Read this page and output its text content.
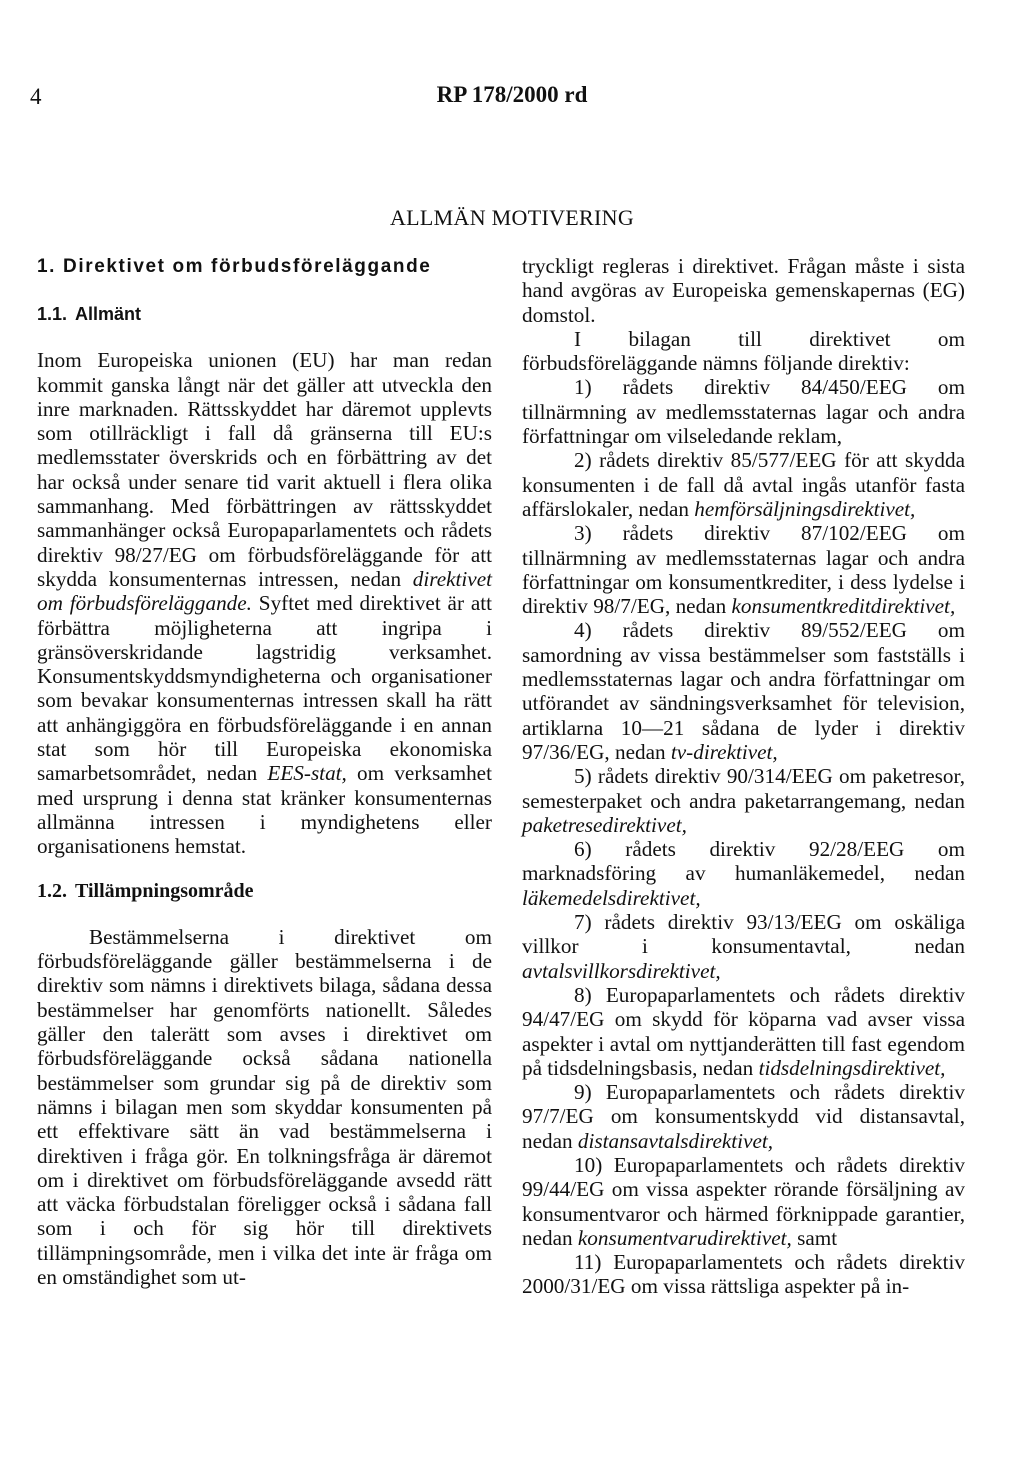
4	RP 178/2000 rd
ALLMÄN MOTIVERING
1. Direktivet om förbudsföreläggande
1.1. Allmänt

Inom Europeiska unionen (EU) har man redan kommit ganska långt när det gäller att utveckla den inre marknaden. Rättsskyddet har däremot upplevts som otillräckligt i fall då gränserna till EU:s medlemsstater överskrids och en förbättring av det har också under senare tid varit aktuell i flera olika sammanhang. Med förbättringen av rättsskyddet sammanhänger också Europaparlamentets och rådets direktiv 98/27/EG om förbudsföreläggande för att skydda konsumenternas intressen, nedan direktivet om förbudsföreläggande. Syftet med direktivet är att förbättra möjligheterna att ingripa i gränsöverskridande lagstridig verksamhet. Konsumentskyddsmyndigheterna och organisationer som bevakar konsumenternas intressen skall ha rätt att anhängiggöra en förbudsföreläggande i en annan stat som hör till Europeiska ekonomiska samarbetsområdet, nedan EES-stat, om verksamhet med ursprung i denna stat kränker konsumenternas allmänna intressen i myndighetens eller organisationens hemstat.

1.2. Tillämpningsområde

Bestämmelserna i direktivet om förbudsföreläggande gäller bestämmelserna i de direktiv som nämns i direktivets bilaga, sådana dessa bestämmelser har genomförts nationellt. Således gäller den talerätt som avses i direktivet om förbudsföreläggande också sådana nationella bestämmelser som grundar sig på de direktiv som nämns i bilagan men som skyddar konsumenten på ett effektivare sätt än vad bestämmelserna i direktiven i fråga gör. En tolkningsfråga är däremot om i direktivet om förbudsföreläggande avsedd rätt att väcka förbudstalan föreligger också i sådana fall som i och för sig hör till direktivets tillämpningsområde, men i vilka det inte är fråga om en omständighet som ut-

tryckligt regleras i direktivet. Frågan måste i sista hand avgöras av Europeiska gemenskapernas (EG) domstol.

I bilagan till direktivet om förbudsföreläggande nämns följande direktiv:

1) rådets direktiv 84/450/EEG om tillnärmning av medlemsstaternas lagar och andra författningar om vilseledande reklam,

2) rådets direktiv 85/577/EEG för att skydda konsumenten i de fall då avtal ingås utanför fasta affärslokaler, nedan hemförsäljningsdirektivet,

3) rådets direktiv 87/102/EEG om tillnärmning av medlemsstaternas lagar och andra författningar om konsumentkrediter, i dess lydelse i direktiv 98/7/EG, nedan konsumentkreditdirektivet,

4) rådets direktiv 89/552/EEG om samordning av vissa bestämmelser som fastställs i medlemsstaternas lagar och andra författningar om utförandet av sändningsverksamhet för television, artiklarna 10—21 sådana de lyder i direktiv 97/36/EG, nedan tv-direktivet,

5) rådets direktiv 90/314/EEG om paketresor, semesterpaket och andra paketarrangemang, nedan paketresedirektivet,

6) rådets direktiv 92/28/EEG om marknadsföring av humanläkemedel, nedan läkemedelsdirektivet,

7) rådets direktiv 93/13/EEG om oskäliga villkor i konsumentavtal, nedan avtalsvillkorsdirektivet,

8) Europaparlamentets och rådets direktiv 94/47/EG om skydd för köparna vad avser vissa aspekter i avtal om nyttjanderätten till fast egendom på tidsdelningsbasis, nedan tidsdelningsdirektivet,

9) Europaparlamentets och rådets direktiv 97/7/EG om konsumentskydd vid distansavtal, nedan distansavtalsdirektivet,

10) Europaparlamentets och rådets direktiv 99/44/EG om vissa aspekter rörande försäljning av konsumentvaror och härmed förknippade garantier, nedan konsumentvarudirektivet, samt

11) Europaparlamentets och rådets direktiv 2000/31/EG om vissa rättsliga aspekter på in-
